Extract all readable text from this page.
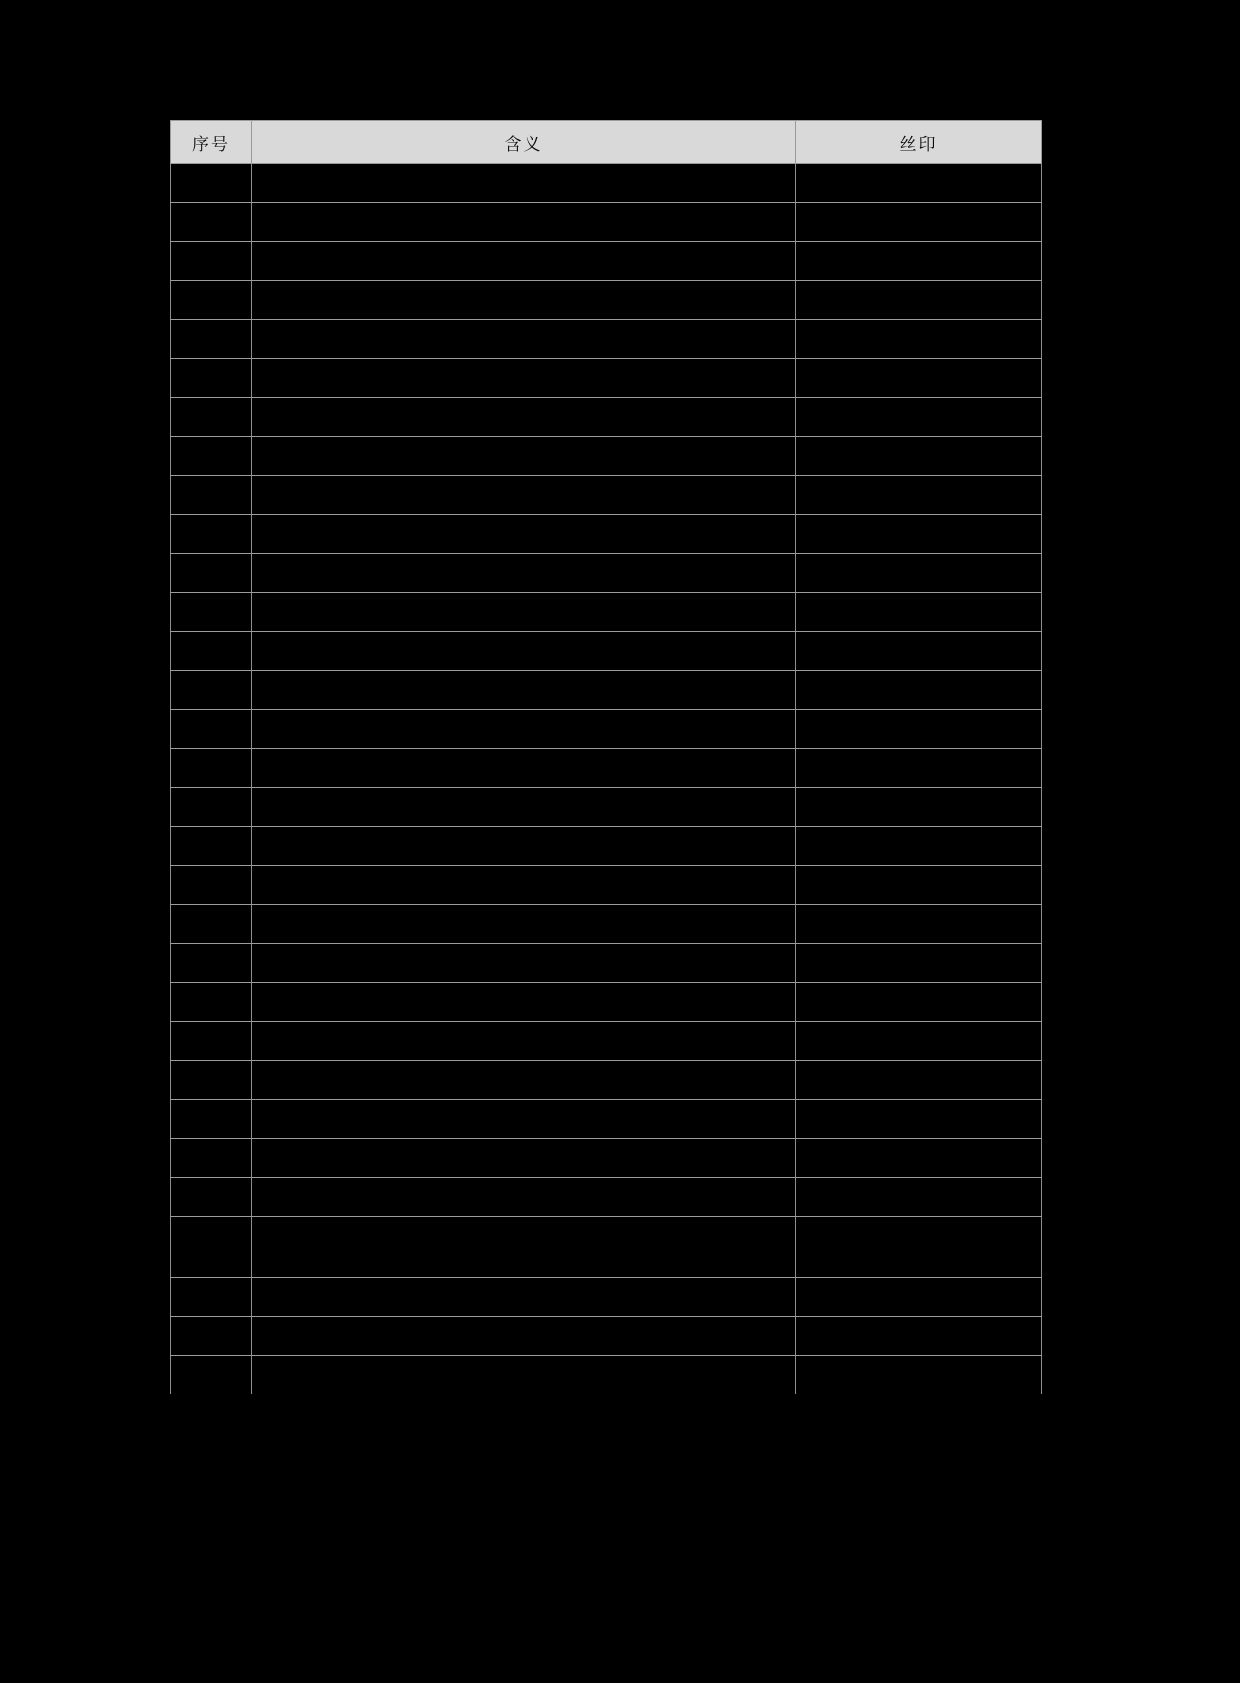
序号	含义	丝印
